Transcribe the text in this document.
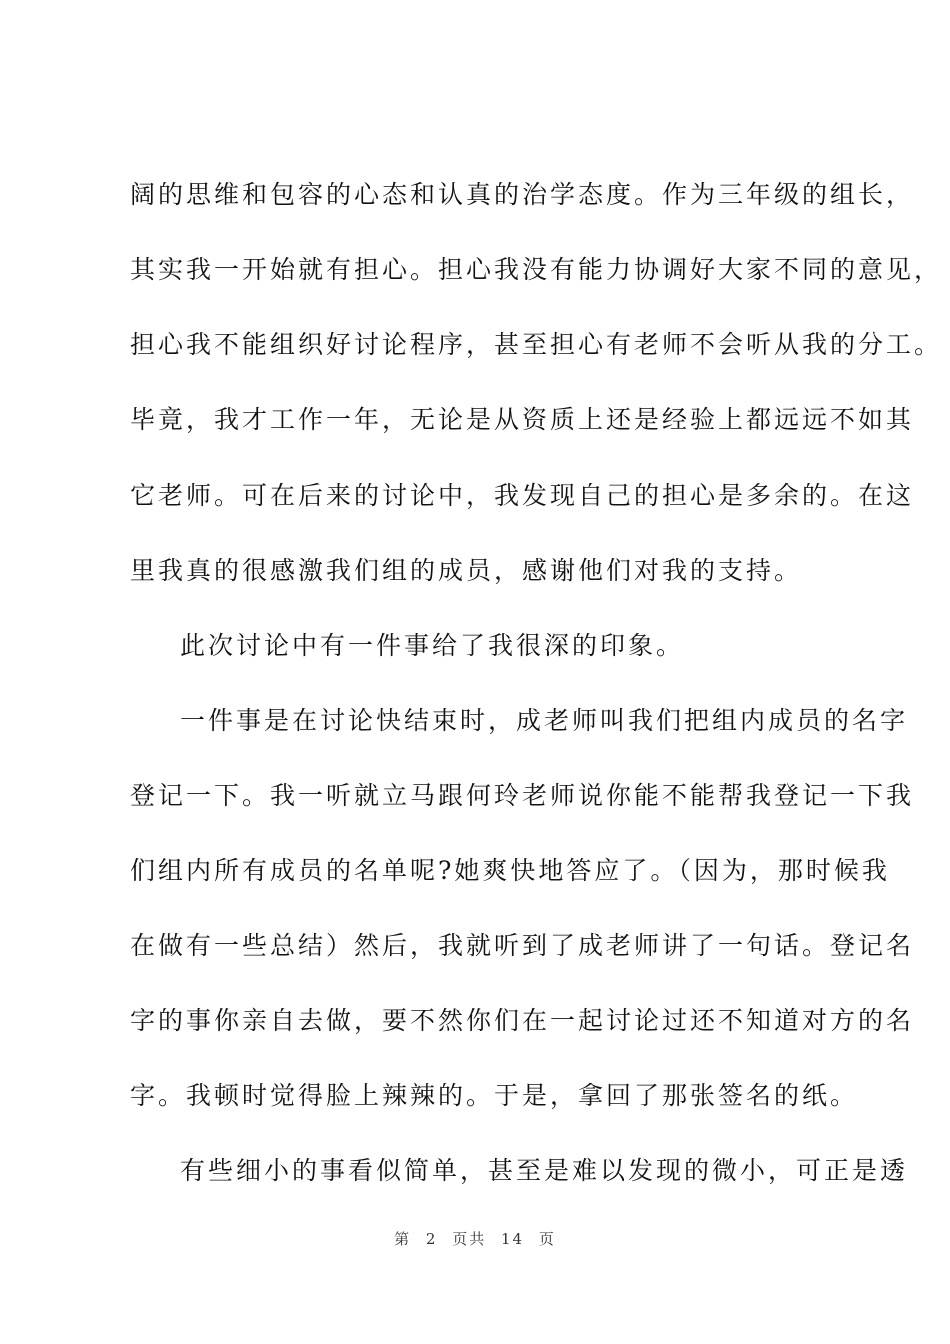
阔的思维和包容的心态和认真的治学态度。作为三年级的组长，
其实我一开始就有担心。担心我没有能力协调好大家不同的意见，
担心我不能组织好讨论程序，甚至担心有老师不会听从我的分工。
毕竟，我才工作一年，无论是从资质上还是经验上都远远不如其
它老师。可在后来的讨论中，我发现自己的担心是多余的。在这
里我真的很感激我们组的成员，感谢他们对我的支持。
此次讨论中有一件事给了我很深的印象。
一件事是在讨论快结束时，成老师叫我们把组内成员的名字
登记一下。我一听就立马跟何玲老师说你能不能帮我登记一下我
们组内所有成员的名单呢?她爽快地答应了。（因为，那时候我
在做有一些总结）然后，我就听到了成老师讲了一句话。登记名
字的事你亲自去做，要不然你们在一起讨论过还不知道对方的名
字。我顿时觉得脸上辣辣的。于是，拿回了那张签名的纸。
有些细小的事看似简单，甚至是难以发现的微小，可正是透
第 2 页共 14 页
